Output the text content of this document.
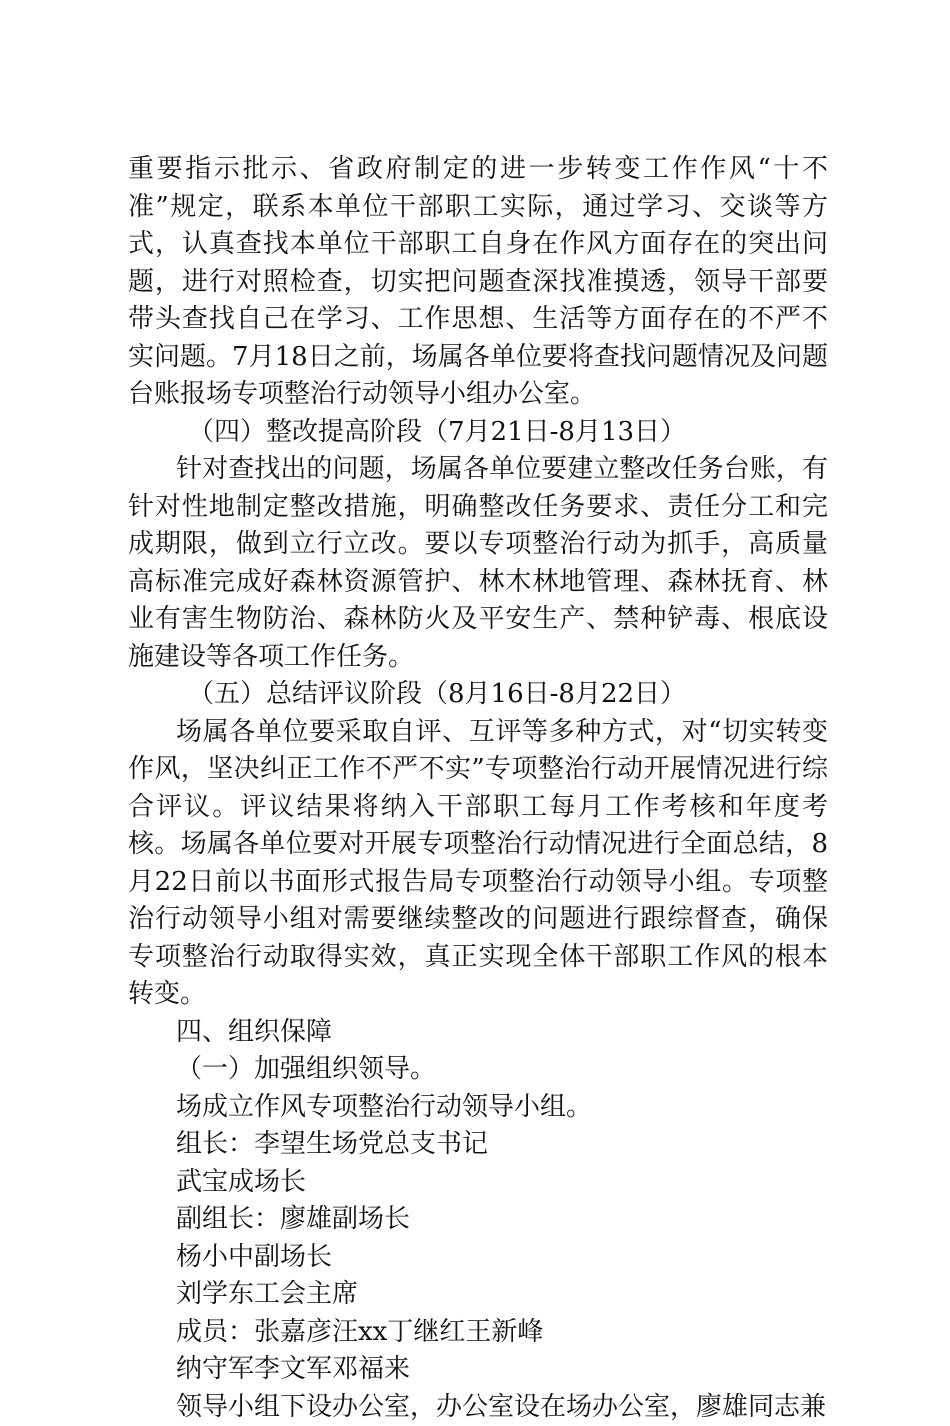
重要指示批示、省政府制定的进一步转变工作作风“十不准”规定，联系本单位干部职工实际，通过学习、交谈等方式，认真查找本单位干部职工自身在作风方面存在的突出问题，进行对照检查，切实把问题查深找准摸透，领导干部要带头查找自己在学习、工作思想、生活等方面存在的不严不实问题。7月18日之前，场属各单位要将查找问题情况及问题台账报场专项整治行动领导小组办公室。

（四）整改提高阶段（7月21日-8月13日）

针对查找出的问题，场属各单位要建立整改任务台账，有针对性地制定整改措施，明确整改任务要求、责任分工和完成期限，做到立行立改。要以专项整治行动为抓手，高质量高标准完成好森林资源管护、林木林地管理、森林抚育、林业有害生物防治、森林防火及平安生产、禁种铲毒、根底设施建设等各项工作任务。

（五）总结评议阶段（8月16日-8月22日）

场属各单位要采取自评、互评等多种方式，对“切实转变作风，坚决纠正工作不严不实”专项整治行动开展情况进行综合评议。评议结果将纳入干部职工每月工作考核和年度考核。场属各单位要对开展专项整治行动情况进行全面总结，8月22日前以书面形式报告局专项整治行动领导小组。专项整治行动领导小组对需要继续整改的问题进行跟综督查，确保专项整治行动取得实效，真正实现全体干部职工作风的根本转变。

四、组织保障

（一）加强组织领导。

场成立作风专项整治行动领导小组。

组长：李望生场党总支书记

武宝成场长

副组长：廖雄副场长

杨小中副场长

刘学东工会主席

成员：张嘉彦汪xx丁继红王新峰

纳守军李文军邓福来

领导小组下设办公室，办公室设在场办公室，廖雄同志兼
